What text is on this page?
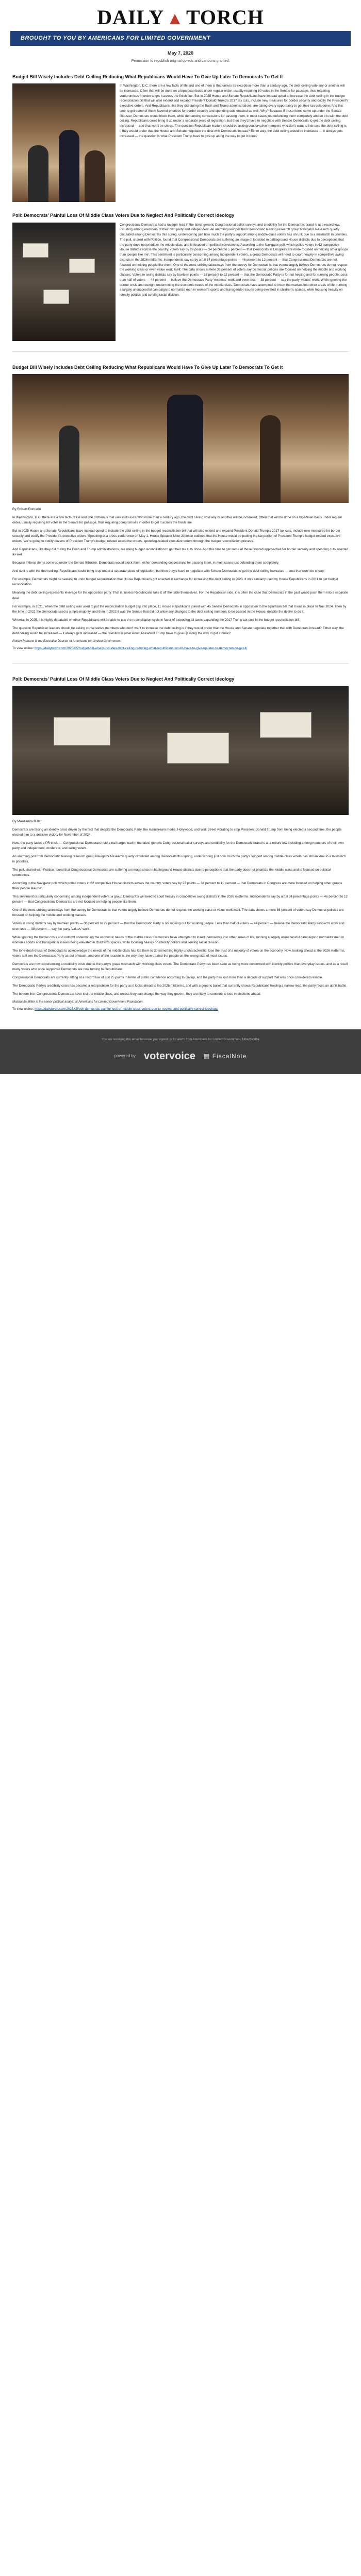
DAILY ▲ TORCH
BROUGHT TO YOU BY AMERICANS FOR LIMITED GOVERNMENT
May 7, 2020
Permission to republish original op-eds and cartoons granted.
Budget Bill Wisely Includes Debt Ceiling Reducing What Republicans Would Have To Give Up Later To Democrats To Get It

In Washington, D.C. there are a few facts of life and one of them is that unless its exception more than a century ago, the debt ceiling vote any or another will be increased. Often that will be done on a bipartisan basis under regular order, usually requiring 60 votes in the Senate for passage, thus requiring compromises in order to get it across the finish line. But in 2025 House and Senate Republicans have instead opted to increase the debt ceiling in the budget reconciliation bill that will also extend and expand President Donald Trump's 2017 tax cuts, include new measures for border security and codify the President's executive orders. And Republicans, like they did during the Bush and Trump administrations, are taking every opportunity to get their tax cuts done. And this time to get some of these favored priorities for border security and spending cuts enacted as well. Why? Because if these items come up under the Senate filibuster, Democrats would block them, while demanding concessions for passing them, in most cases just defunding them completely and so it is with the debt ceiling. Republicans could bring it up under a separate piece of legislation, but then they'd have to negotiate with Senate Democrats to get the debt ceiling increased — and that won't be cheap. The question Republican leaders should be asking conservative members who don't want to increase the debt ceiling is if they would prefer that the House and Senate negotiate the deal with Democrats instead? Either way, the debt ceiling would be increased — it always gets increased — the question is what President Trump have to give up along the way to get it done?

Poll: Democrats' Painful Loss Of Middle Class Voters Due to Neglect And Politically Correct Ideology

Congressional Democrats had a ravager lead in the latest generic Congressional ballot surveys and credibility for the Democratic brand is at a record low, including among members of their own party and independent. An alarming new poll from Democratic leaning research group Navigator Research quietly circulated among Democrats this spring, underscoring just how much the party's support among middle-class voters has shrunk due to a mismatch in priorities. The poll, shared with Politico, found that Congressional Democrats are suffering an image of lopsided in battleground House districts due to perceptions that the party does not prioritize the middle class and is focused on political correctness. According to the Navigator poll, which polled voters in 62 competitive House districts across the country, voters say by 29 points — 34 percent to 5 percent — that Democrats in Congress are more focused on helping other groups than 'people like me'. This sentiment is particularly concerning among independent voters, a group Democrats will need to court heavily in competitive swing districts in the 2026 midterms. Independents say so by a full 34 percentage points — 46 percent to 12 percent — that Congressional Democrats are not focused on helping people like them. One of the most striking takeaways from the survey for Democrats is that voters largely believe Democrats do not respect the working class or even value work itself. The data shows a mere 36 percent of voters say Democrat policies are focused on helping the middle and working classes. Voters in swing districts say by fourteen points — 36 percent to 22 percent — that the Democratic Party is for not helping and for running people. Less than half of voters — 44 percent — believe the Democratic Party 'respects' work and even less — 38 percent — say the party 'values' work. While ignoring the border crisis and outright undermining the economic needs of the middle class, Democrats have attempted to insert themselves into other areas of life, running a largely unsuccessful campaign to normalize men in women's sports and transgender issues being elevated in children's spaces, while focusing heavily on identity politics and serving racial division.

Budget Bill Wisely Includes Debt Ceiling Reducing What Republicans Would Have To Give Up Later To Democrats To Get It
By Robert Romano

In Washington, D.C. there are a few facts of life and one of them is that unless its exception more than a century ago, the debt ceiling vote any or another will be increased. Often that will be done on a bipartisan basis under regular order, usually requiring 60 votes in the Senate for passage, thus requiring compromises in order to get it across the finish line.

But in 2025 House and Senate Republicans have instead opted to include the debt ceiling in the budget reconciliation bill that will also extend and expand President Donald Trump's 2017 tax cuts, include new measures for border security and codify the President's executive orders. Speaking at a press conference on May 1, House Speaker Mike Johnson outlined that the House would be putting the tax portion of President Trump's budget-related executive orders, 'we're going to codify dozens of President Trump's budget related executive orders, spending-related executive orders through the budget reconciliation process.'

And Republicans, like they did during the Bush and Trump administrations, are using budget reconciliation to get their tax cuts done. And this time to get some of these favored approaches for border security and spending cuts enacted as well.

Because if these items come up under the Senate filibuster, Democrats would block them, either demanding concessions for passing them, in most cases just defunding them completely.

And so it is with the debt ceiling. Republicans could bring it up under a separate piece of legislation, but then they'd have to negotiate with Senate Democrats to get the debt ceiling increased — and that won't be cheap.

For example, Democrats might be seeking to undo budget sequestration that House Republicans got enacted in exchange for increasing the debt ceiling in 2023. It was similarly used by House Republicans in 2011 to get budget reconciliation.

Meaning the debt ceiling represents leverage for the opposition party. That is, unless Republicans take it off the table themselves. For the Republican side, it is often the case that Democrats in the past would push them into a separate deal.

For example, in 2021, when the debt ceiling was used to put the reconciliation budget cap into place, 11 House Republicans joined with 45 Senate Democrats in opposition to the bipartisan bill that it was in place to Nov 2024. Then by the time in 2021 the Democrats used a simple majority, and then in 2022 it was the Senate that did not allow any changes to the debt ceiling numbers to be passed in the House, despite the desire to do it.

Whereas in 2025, it is highly debatable whether Republicans will be able to use the reconciliation cycle in favor of extending all taxes expanding the 2017 Trump tax cuts in the budget reconciliation bill.

The question Republican leaders should be asking conservative members who don't want to increase the debt ceiling is if they would prefer that the House and Senate negotiate together that with Democrats instead? Either way, the debt ceiling would be increased — it always gets increased — the question is what would President Trump have to give up along the way to get it done?

Robert Romano is the Executive Director of Americans for Limited Government.

To view online: https://dailytorch.com/2025/05/budget-bill-wisely-includes-debt-ceiling-reducing-what-republicans-would-have-to-give-up-later-to-democrats-to-get-it/

Poll: Democrats' Painful Loss Of Middle Class Voters Due to Neglect And Politically Correct Ideology
By Manzanita Miller

Democrats are facing an identity crisis driven by the fact that despite the Democratic Party, the mainstream media, Hollywood, and Wall Street vibrating to stop President Donald Trump from being elected a second time, the people elected him to a decisive victory for November of 2024.

Now, the party faces a PR crisis — Congressional Democrats hold a trail target lead in the latest generic Congressional ballot surveys and credibility for the Democratic brand is at a record low including among members of their own party and independent, moderate, and swing voters.

An alarming poll from Democratic leaning research group Navigator Research quietly circulated among Democrats this spring, underscoring just how much the party's support among middle-class voters has shrunk due to a mismatch in priorities.

The poll, shared with Politico, found that Congressional Democrats are suffering an image crisis in battleground House districts due to perceptions that the party does not prioritize the middle class and is focused on political correctness.

According to the Navigator poll, which polled voters in 62 competitive House districts across the country, voters say by 23 points — 34 percent to 11 percent — that Democrats in Congress are more focused on helping other groups than 'people like me'.

This sentiment is particularly concerning among independent voters, a group Democrats will need to court heavily in competitive swing districts in the 2026 midterms. Independents say by a full 34 percentage points — 46 percent to 12 percent — that Congressional Democrats are not focused on helping people like them.

One of the most striking takeaways from the survey for Democrats is that voters largely believe Democrats do not respect the working class or value work itself. The data shows a mere 36 percent of voters say Democrat policies are focused on helping the middle and working classes.

Voters in swing districts say by fourteen points — 36 percent to 22 percent — that the Democratic Party is not looking out for working people. Less than half of voters — 44 percent — believe the Democratic Party 'respects' work and even less — 38 percent — say the party 'values' work.

While ignoring the border crisis and outright undermining the economic needs of the middle class, Democrats have attempted to insert themselves into other areas of life, running a largely unsuccessful campaign to normalize men in women's sports and transgender issues being elevated in children's spaces, while focusing heavily on identity politics and serving racial division.

The tone-deaf refusal of Democrats to acknowledge the needs of the middle class has led them to do something highly uncharacteristic: lose the trust of a majority of voters on the economy. Now, looking ahead at the 2026 midterms, voters still see the Democratic Party as out of touch, and one of the reasons is the way they have treated the people on the wrong side of most issues.

Democrats are now experiencing a credibility crisis due to the party's grave mismatch with working class voters. The Democratic Party has been seen as being more concerned with identity politics than everyday issues, and as a result many voters who once supported Democrats are now turning to Republicans.

Congressional Democrats are currently sitting at a record low of just 25 points in terms of public confidence according to Gallup, and the party has lost more than a decade of support that was once considered reliable.

The Democratic Party's credibility crisis has become a real problem for the party as it looks ahead to the 2026 midterms, and with a generic ballot that currently shows Republicans holding a narrow lead, the party faces an uphill battle.

The bottom line: Congressional Democrats have lost the middle class, and unless they can change the way they govern, they are likely to continue to lose in elections ahead.

Manzanita Miller is the senior political analyst at Americans for Limited Government Foundation.

To view online: https://dailytorch.com/2025/05/poll-democrats-painful-loss-of-middle-class-voters-due-to-neglect-and-politically-correct-ideology/

You are receiving this email because you signed up for alerts from Americans for Limited Government. Unsubscribe
powered by votervoice ▦ FiscalNote
